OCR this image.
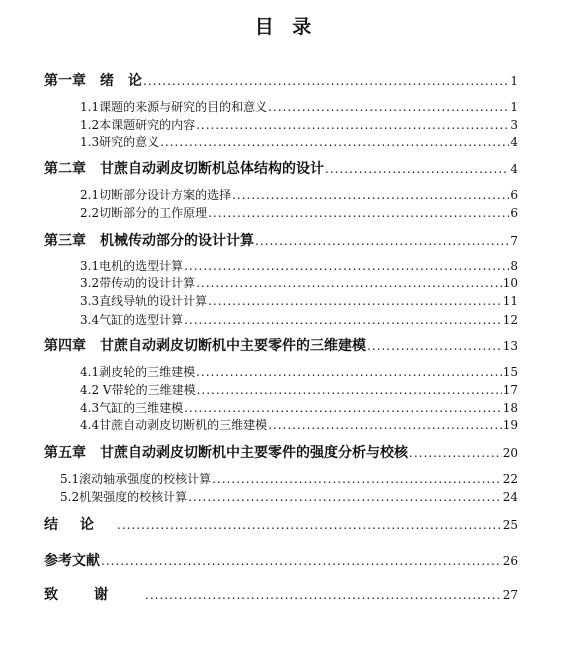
目 录
第一章　绪　论 .....	1
1.1课题的来源与研究的目的和意义 .....	1
1.2本课题研究的内容 .....	3
1.3研究的意义 .....	4
第二章　甘蔗自动剥皮切断机总体结构的设计 .....	4
2.1切断部分设计方案的选择 .....	6
2.2切断部分的工作原理 .....	6
第三章　机械传动部分的设计计算 .....	7
3.1电机的选型计算 .....	8
3.2带传动的设计计算 .....	10
3.3直线导轨的设计计算 .....	11
3.4气缸的选型计算 .....	12
第四章　甘蔗自动剥皮切断机中主要零件的三维建模 .....	13
4.1剥皮轮的三维建模 .....	15
4.2 V带轮的三维建模 .....	17
4.3气缸的三维建模 .....	18
4.4甘蔗自动剥皮切断机的三维建模 .....	19
第五章　甘蔗自动剥皮切断机中主要零件的强度分析与校核 .....	20
5.1滚动轴承强度的校核计算 .....	22
5.2机架强度的校核计算 .....	24
结论 .....	25
参考文献 .....	26
致谢 .....	27
